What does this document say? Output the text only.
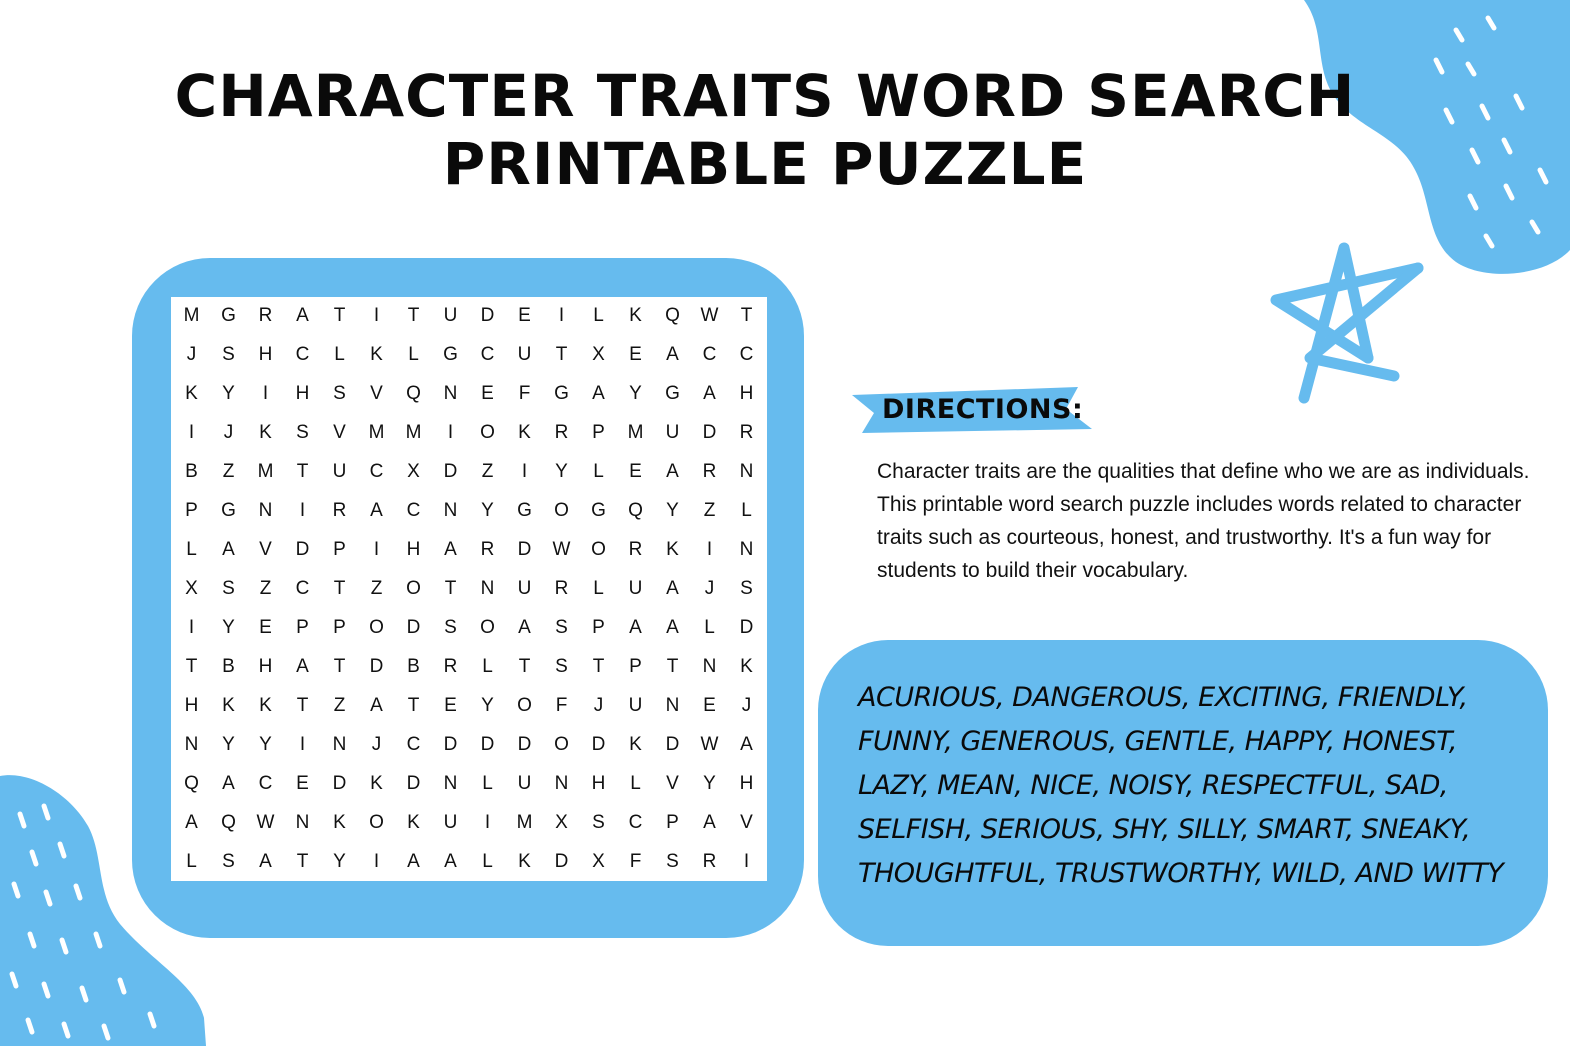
CHARACTER TRAITS WORD SEARCH
PRINTABLE PUZZLE
M	G	R	A	T	I	T	U	D	E	I	L	K	Q	W	T
J	S	H	C	L	K	L	G	C	U	T	X	E	A	C	C
K	Y	I	H	S	V	Q	N	E	F	G	A	Y	G	A	H
I	J	K	S	V	M	M	I	O	K	R	P	M	U	D	R
B	Z	M	T	U	C	X	D	Z	I	Y	L	E	A	R	N
P	G	N	I	R	A	C	N	Y	G	O	G	Q	Y	Z	L
L	A	V	D	P	I	H	A	R	D	W	O	R	K	I	N
X	S	Z	C	T	Z	O	T	N	U	R	L	U	A	J	S
I	Y	E	P	P	O	D	S	O	A	S	P	A	A	L	D
T	B	H	A	T	D	B	R	L	T	S	T	P	T	N	K
H	K	K	T	Z	A	T	E	Y	O	F	J	U	N	E	J
N	Y	Y	I	N	J	C	D	D	D	O	D	K	D	W	A
Q	A	C	E	D	K	D	N	L	U	N	H	L	V	Y	H
A	Q	W	N	K	O	K	U	I	M	X	S	C	P	A	V
L	S	A	T	Y	I	A	A	L	K	D	X	F	S	R	I
DIRECTIONS:
Character traits are the qualities that define who we are as individuals. This printable word search puzzle includes words related to character traits such as courteous, honest, and trustworthy. It's a fun way for students to build their vocabulary.
ACURIOUS, DANGEROUS, EXCITING, FRIENDLY,
FUNNY, GENEROUS, GENTLE, HAPPY, HONEST,
LAZY, MEAN, NICE, NOISY, RESPECTFUL, SAD,
SELFISH, SERIOUS, SHY, SILLY, SMART, SNEAKY,
THOUGHTFUL, TRUSTWORTHY, WILD, AND WITTY
